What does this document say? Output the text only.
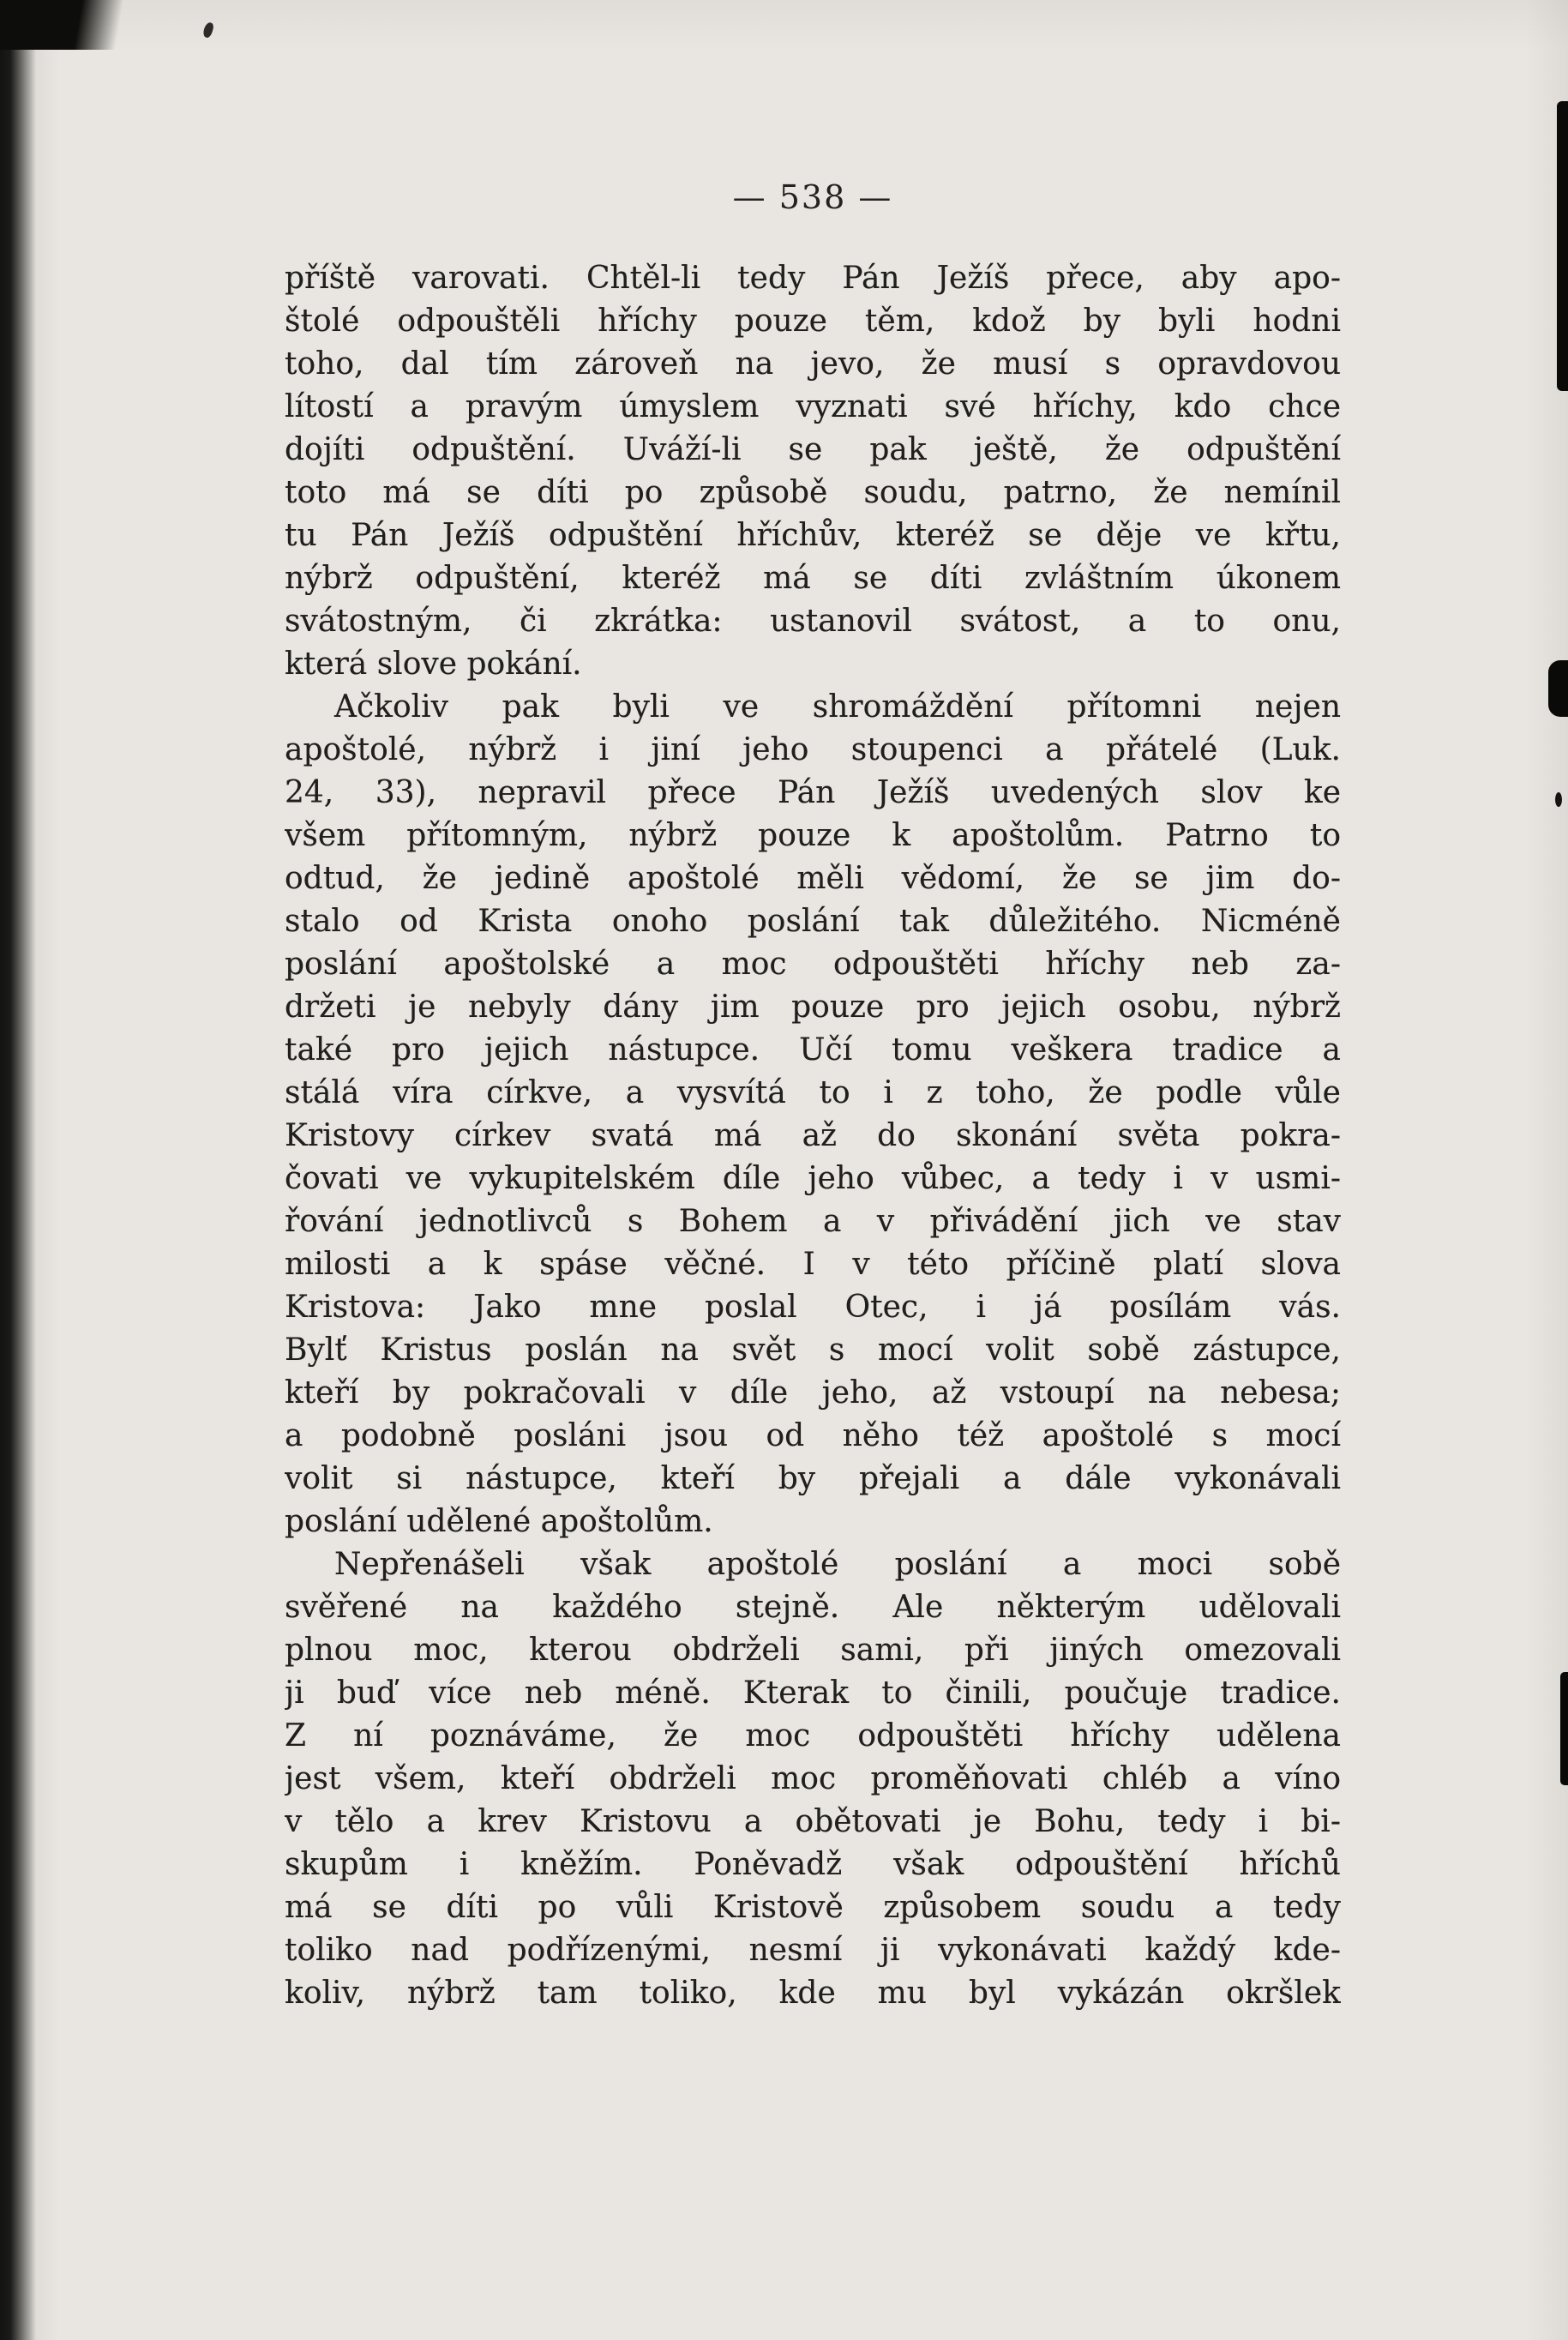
— 538 —
příště varovati. Chtěl-li tedy Pán Ježíš přece, aby apo-
štolé odpouštěli hříchy pouze těm, kdož by byli hodni
toho, dal tím zároveň na jevo, že musí s opravdovou
lítostí a pravým úmyslem vyznati své hříchy, kdo chce
dojíti odpuštění. Uváží-li se pak ještě, že odpuštění
toto má se díti po způsobě soudu, patrno, že nemínil
tu Pán Ježíš odpuštění hříchův, kteréž se děje ve křtu,
nýbrž odpuštění, kteréž má se díti zvláštním úkonem
svátostným, či zkrátka: ustanovil svátost, a to onu,
která slove pokání.
Ačkoliv pak byli ve shromáždění přítomni nejen
apoštolé, nýbrž i jiní jeho stoupenci a přátelé (Luk.
24, 33), nepravil přece Pán Ježíš uvedených slov ke
všem přítomným, nýbrž pouze k apoštolům. Patrno to
odtud, že jedině apoštolé měli vědomí, že se jim do-
stalo od Krista onoho poslání tak důležitého. Nicméně
poslání apoštolské a moc odpouštěti hříchy neb za-
držeti je nebyly dány jim pouze pro jejich osobu, nýbrž
také pro jejich nástupce. Učí tomu veškera tradice a
stálá víra církve, a vysvítá to i z toho, že podle vůle
Kristovy církev svatá má až do skonání světa pokra-
čovati ve vykupitelském díle jeho vůbec, a tedy i v usmi-
řování jednotlivců s Bohem a v přivádění jich ve stav
milosti a k spáse věčné. I v této příčině platí slova
Kristova: Jako mne poslal Otec, i já posílám vás.
Bylť Kristus poslán na svět s mocí volit sobě zástupce,
kteří by pokračovali v díle jeho, až vstoupí na nebesa;
a podobně posláni jsou od něho též apoštolé s mocí
volit si nástupce, kteří by přejali a dále vykonávali
poslání udělené apoštolům.
Nepřenášeli však apoštolé poslání a moci sobě
svěřené na každého stejně. Ale některým udělovali
plnou moc, kterou obdrželi sami, při jiných omezovali
ji buď více neb méně. Kterak to činili, poučuje tradice.
Z ní poznáváme, že moc odpouštěti hříchy udělena
jest všem, kteří obdrželi moc proměňovati chléb a víno
v tělo a krev Kristovu a obětovati je Bohu, tedy i bi-
skupům i kněžím. Poněvadž však odpouštění hříchů
má se díti po vůli Kristově způsobem soudu a tedy
toliko nad podřízenými, nesmí ji vykonávati každý kde-
koliv, nýbrž tam toliko, kde mu byl vykázán okršlek
